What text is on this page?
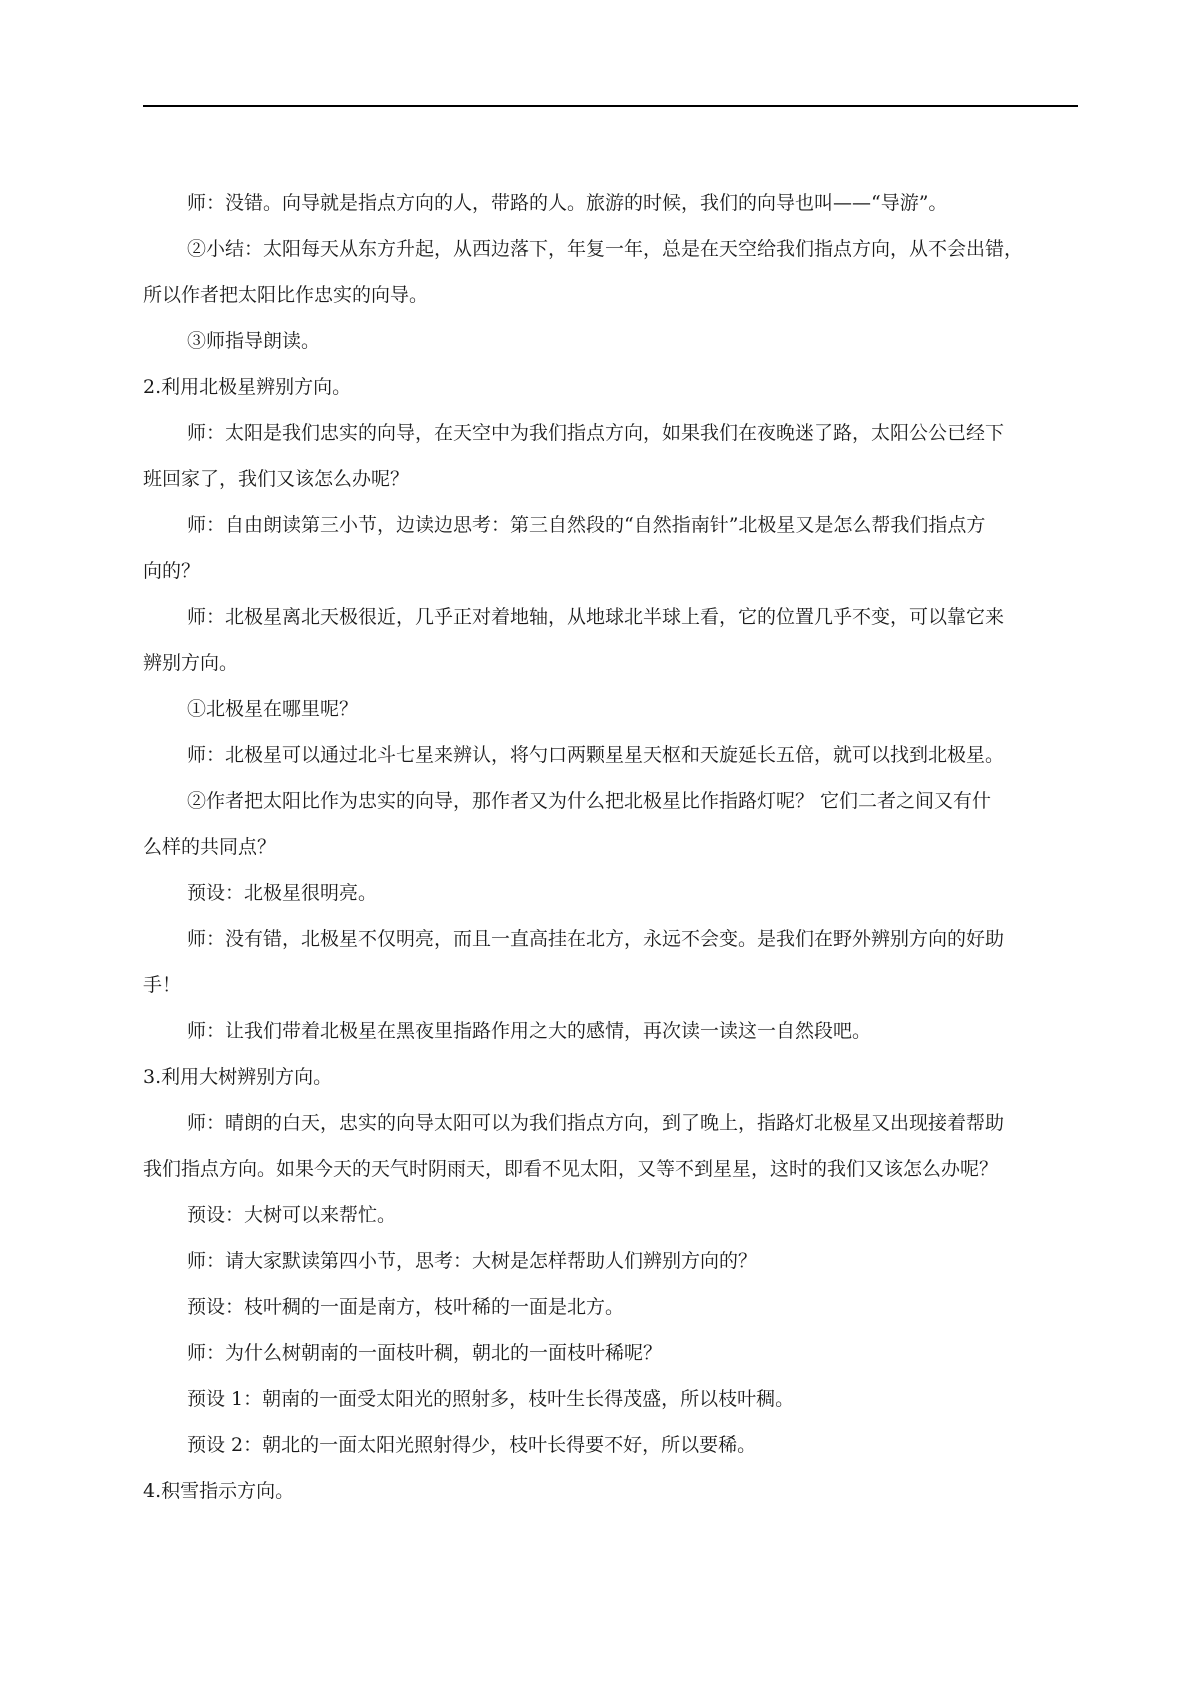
师：没错。向导就是指点方向的人，带路的人。旅游的时候，我们的向导也叫——“导游”。
②小结：太阳每天从东方升起，从西边落下，年复一年，总是在天空给我们指点方向，从不会出错，
所以作者把太阳比作忠实的向导。
③师指导朗读。
2.利用北极星辨别方向。
师：太阳是我们忠实的向导，在天空中为我们指点方向，如果我们在夜晚迷了路，太阳公公已经下
班回家了，我们又该怎么办呢？
师：自由朗读第三小节，边读边思考：第三自然段的“自然指南针”北极星又是怎么帮我们指点方
向的？
师：北极星离北天极很近，几乎正对着地轴，从地球北半球上看，它的位置几乎不变，可以靠它来
辨别方向。
①北极星在哪里呢？
师：北极星可以通过北斗七星来辨认，将勺口两颗星星天枢和天旋延长五倍，就可以找到北极星。
②作者把太阳比作为忠实的向导，那作者又为什么把北极星比作指路灯呢？ 它们二者之间又有什
么样的共同点？
预设：北极星很明亮。
师：没有错，北极星不仅明亮，而且一直高挂在北方，永远不会变。是我们在野外辨别方向的好助
手！
师：让我们带着北极星在黑夜里指路作用之大的感情，再次读一读这一自然段吧。
3.利用大树辨别方向。
师：晴朗的白天，忠实的向导太阳可以为我们指点方向，到了晚上，指路灯北极星又出现接着帮助
我们指点方向。如果今天的天气时阴雨天，即看不见太阳，又等不到星星，这时的我们又该怎么办呢？
预设：大树可以来帮忙。
师：请大家默读第四小节，思考：大树是怎样帮助人们辨别方向的？
预设：枝叶稠的一面是南方，枝叶稀的一面是北方。
师：为什么树朝南的一面枝叶稠，朝北的一面枝叶稀呢？
预设 1：朝南的一面受太阳光的照射多，枝叶生长得茂盛，所以枝叶稠。
预设 2：朝北的一面太阳光照射得少，枝叶长得要不好，所以要稀。
4.积雪指示方向。
